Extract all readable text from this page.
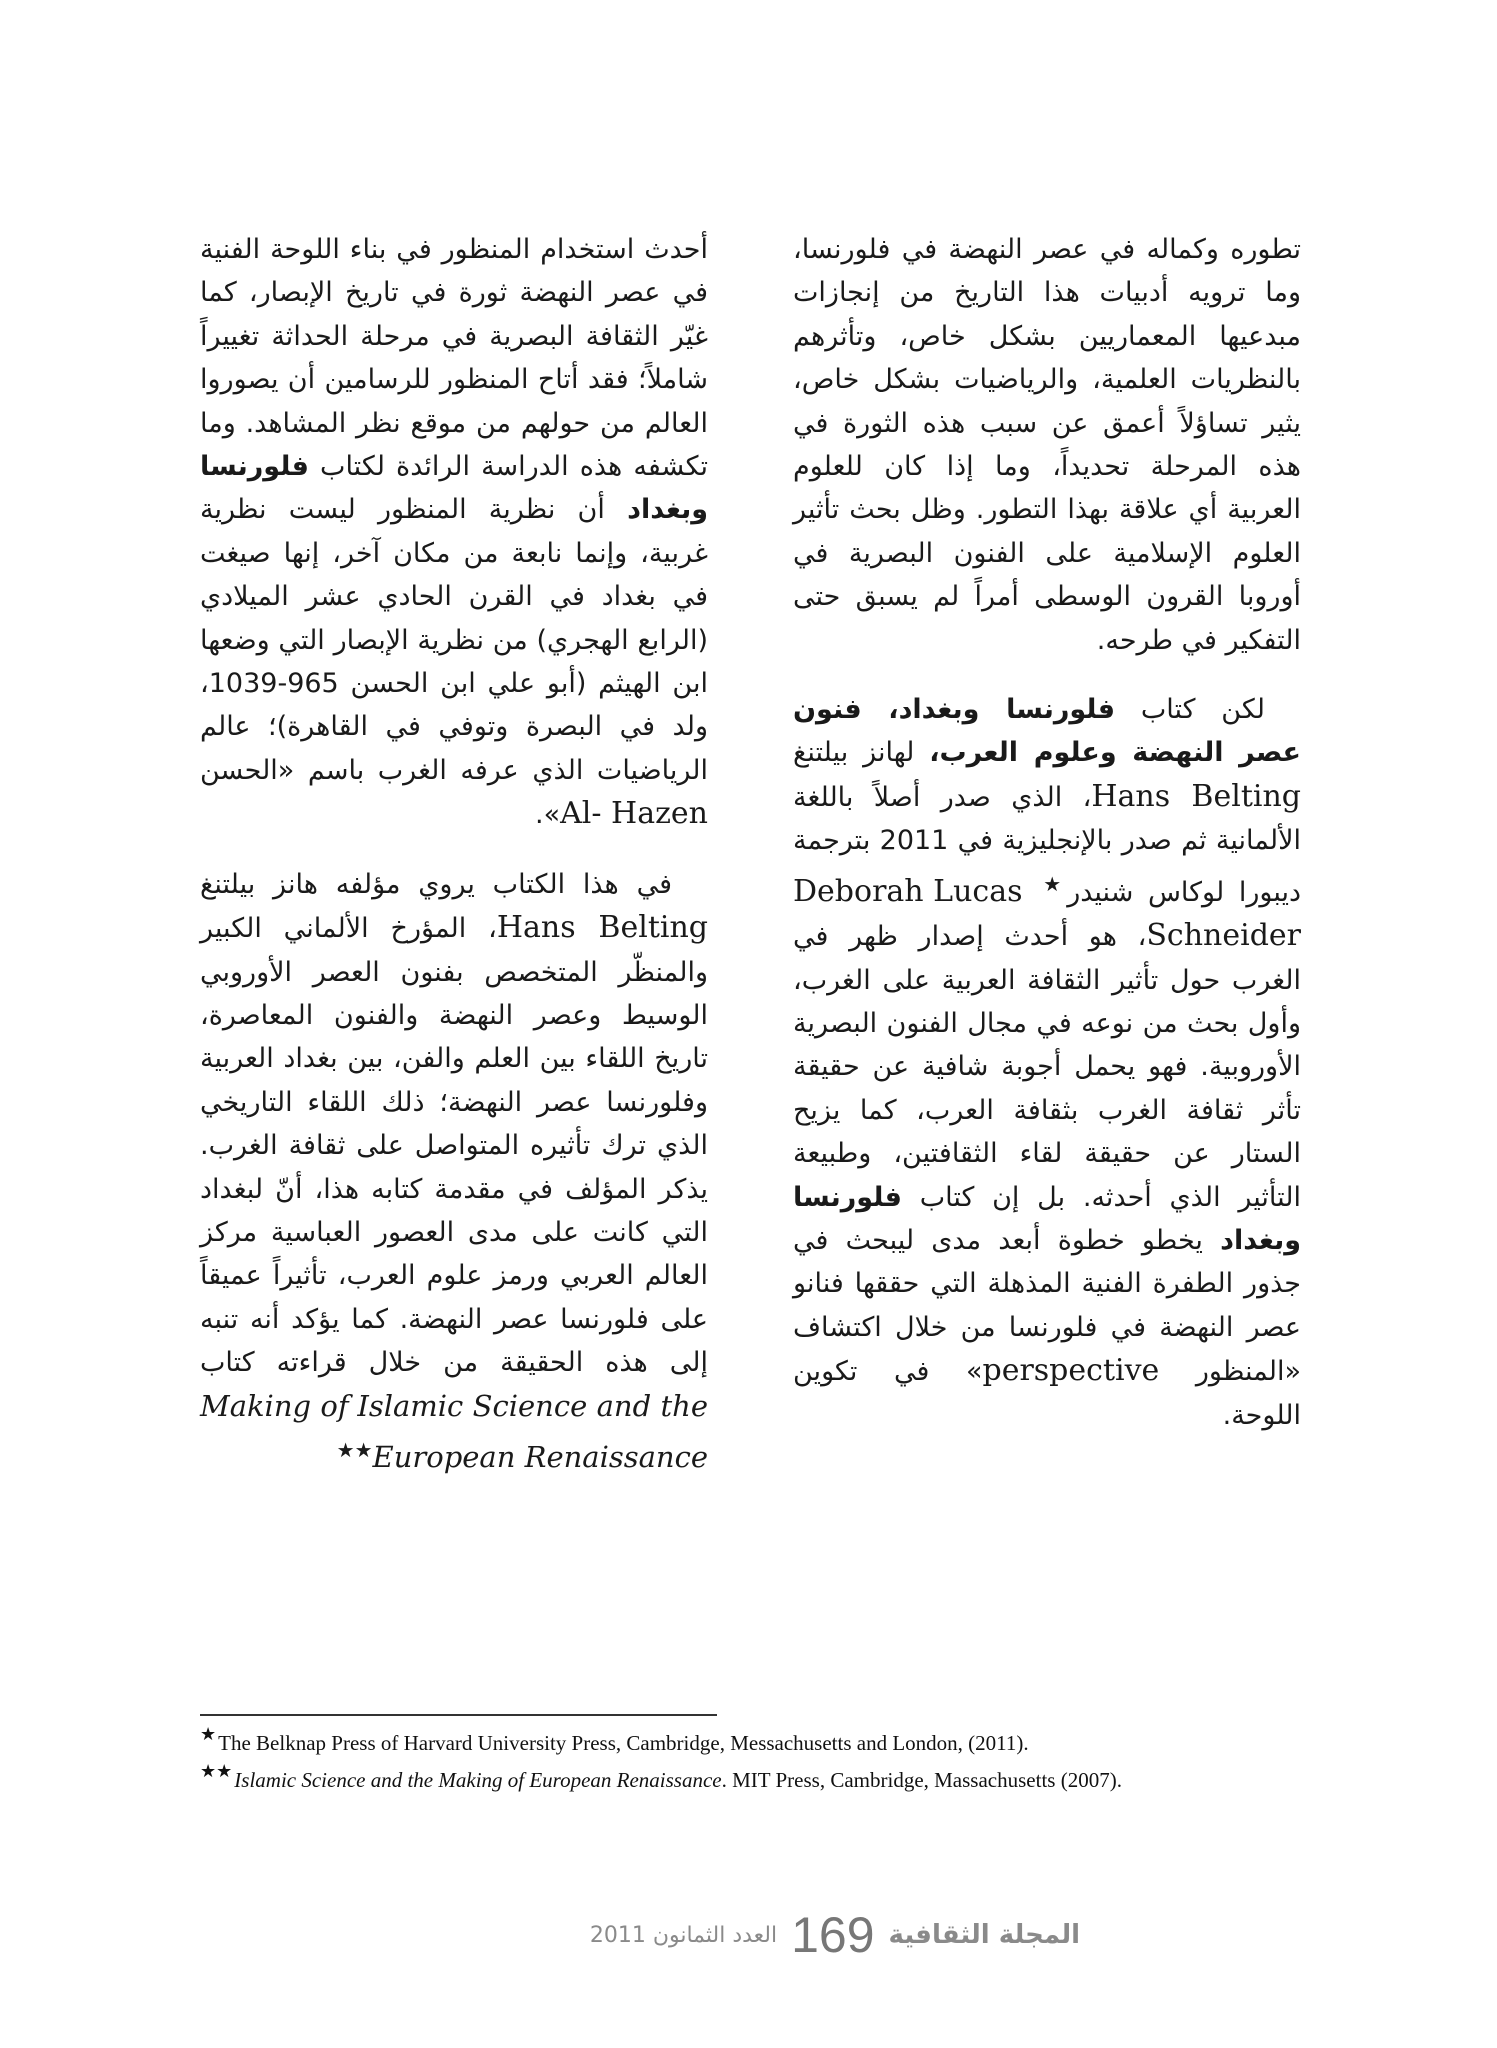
تطوره وكماله في عصر النهضة في فلورنسا، وما ترويه أدبيات هذا التاريخ من إنجازات مبدعيها المعماريين بشكل خاص، وتأثرهم بالنظريات العلمية، والرياضيات بشكل خاص، يثير تساؤلاً أعمق عن سبب هذه الثورة في هذه المرحلة تحديداً، وما إذا كان للعلوم العربية أي علاقة بهذا التطور. وظل بحث تأثير العلوم الإسلامية على الفنون البصرية في أوروبا القرون الوسطى أمراً لم يسبق حتى التفكير في طرحه.

لكن كتاب فلورنسا وبغداد، فنون عصر النهضة وعلوم العرب، لهانز بيلتنغ Hans Belting، الذي صدر أصلاً باللغة الألمانية ثم صدر بالإنجليزية في 2011 بترجمة ديبورا لوكاس شنيدر★ Deborah Lucas Schneider، هو أحدث إصدار ظهر في الغرب حول تأثير الثقافة العربية على الغرب، وأول بحث من نوعه في مجال الفنون البصرية الأوروبية. فهو يحمل أجوبة شافية عن حقيقة تأثر ثقافة الغرب بثقافة العرب، كما يزيح الستار عن حقيقة لقاء الثقافتين، وطبيعة التأثير الذي أحدثه. بل إن كتاب فلورنسا وبغداد يخطو خطوة أبعد مدى ليبحث في جذور الطفرة الفنية المذهلة التي حققها فنانو عصر النهضة في فلورنسا من خلال اكتشاف «المنظور perspective» في تكوين اللوحة.

أحدث استخدام المنظور في بناء اللوحة الفنية في عصر النهضة ثورة في تاريخ الإبصار، كما غيّر الثقافة البصرية في مرحلة الحداثة تغييراً شاملاً؛ فقد أتاح المنظور للرسامين أن يصوروا العالم من حولهم من موقع نظر المشاهد. وما تكشفه هذه الدراسة الرائدة لكتاب فلورنسا وبغداد أن نظرية المنظور ليست نظرية غربية، وإنما نابعة من مكان آخر، إنها صيغت في بغداد في القرن الحادي عشر الميلادي (الرابع الهجري) من نظرية الإبصار التي وضعها ابن الهيثم (أبو علي ابن الحسن 965-1039، ولد في البصرة وتوفي في القاهرة)؛ عالم الرياضيات الذي عرفه الغرب باسم «الحسن Al- Hazen».

في هذا الكتاب يروي مؤلفه هانز بيلتنغ Hans Belting، المؤرخ الألماني الكبير والمنظّر المتخصص بفنون العصر الأوروبي الوسيط وعصر النهضة والفنون المعاصرة، تاريخ اللقاء بين العلم والفن، بين بغداد العربية وفلورنسا عصر النهضة؛ ذلك اللقاء التاريخي الذي ترك تأثيره المتواصل على ثقافة الغرب. يذكر المؤلف في مقدمة كتابه هذا، أنّ لبغداد التي كانت على مدى العصور العباسية مركز العالم العربي ورمز علوم العرب، تأثيراً عميقاً على فلورنسا عصر النهضة. كما يؤكد أنه تنبه إلى هذه الحقيقة من خلال قراءته كتاب Islamic Science and the Making of European Renaissance★★

★ The Belknap Press of Harvard University Press, Cambridge, Messachusetts and London, (2011).
★★ Islamic Science and the Making of European Renaissance. MIT Press, Cambridge, Massachusetts (2007).
المجلة الثقافية
169
العدد الثمانون 2011
